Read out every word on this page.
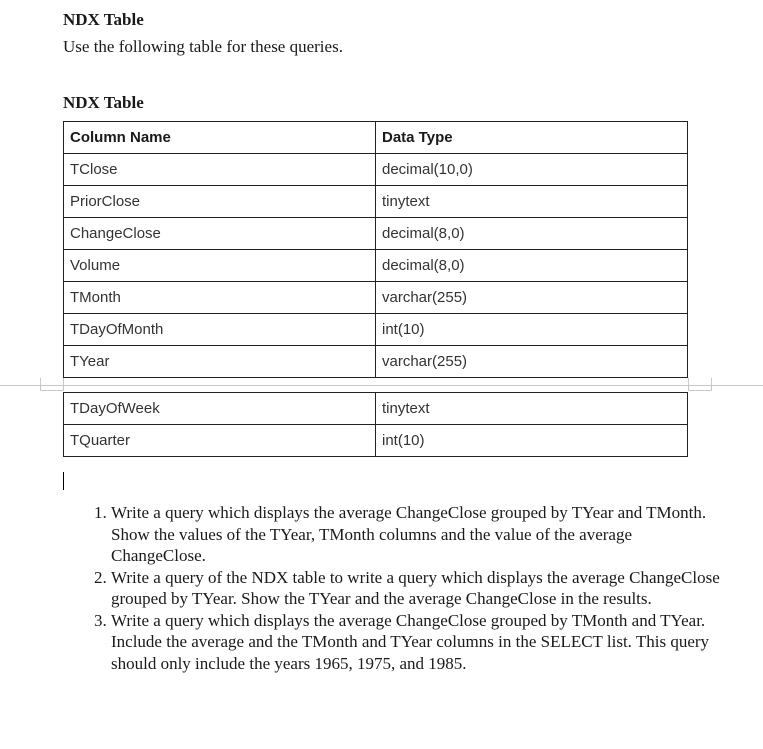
NDX Table
Use the following table for these queries.
NDX Table
Column Name	Data Type
TClose	decimal(10,0)
PriorClose	tinytext
ChangeClose	decimal(8,0)
Volume	decimal(8,0)
TMonth	varchar(255)
TDayOfMonth	int(10)
TYear	varchar(255)
TDayOfWeek	tinytext
TQuarter	int(10)
1. Write a query which displays the average ChangeClose grouped by TYear and TMonth. Show the values of the TYear, TMonth columns and the value of the average ChangeClose.
2. Write a query of the NDX table to write a query which displays the average ChangeClose grouped by TYear. Show the TYear and the average ChangeClose in the results.
3. Write a query which displays the average ChangeClose grouped by TMonth and TYear. Include the average and the TMonth and TYear columns in the SELECT list. This query should only include the years 1965, 1975, and 1985.
